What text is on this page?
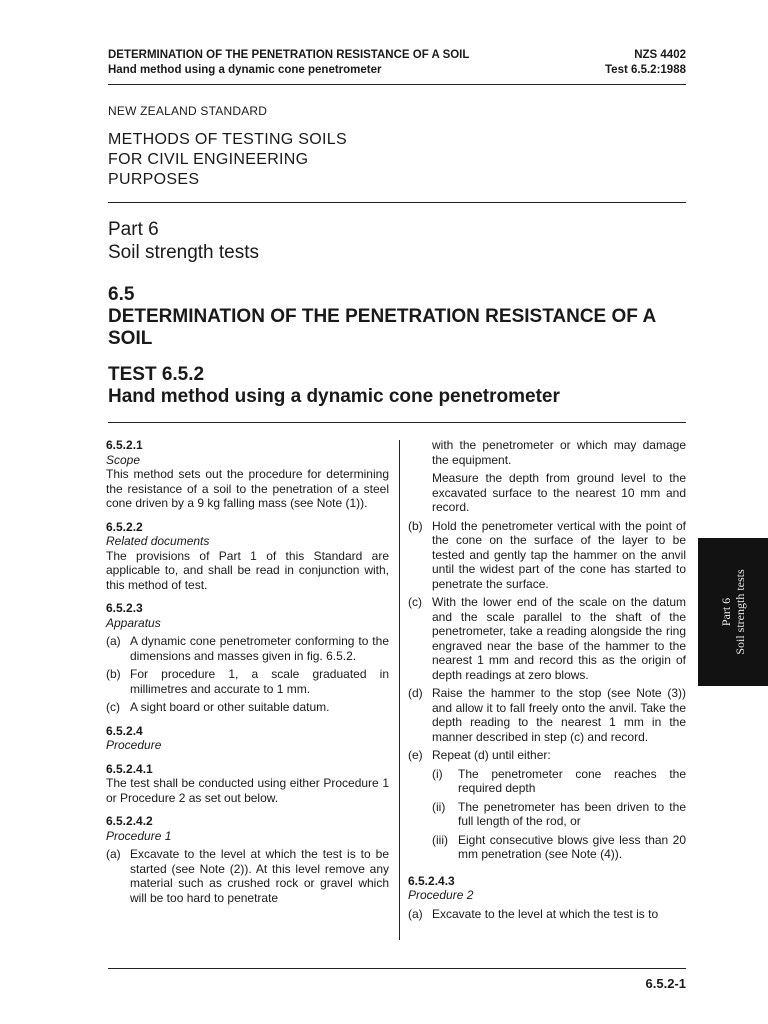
DETERMINATION OF THE PENETRATION RESISTANCE OF A SOIL
Hand method using a dynamic cone penetrometer
NZS 4402
Test 6.5.2:1988
NEW ZEALAND STANDARD
METHODS OF TESTING SOILS
FOR CIVIL ENGINEERING
PURPOSES
Part 6
Soil strength tests
6.5
DETERMINATION OF THE PENETRATION RESISTANCE OF A SOIL
TEST 6.5.2
Hand method using a dynamic cone penetrometer
6.5.2.1
Scope
This method sets out the procedure for determining the resistance of a soil to the penetration of a steel cone driven by a 9 kg falling mass (see Note (1)).
6.5.2.2
Related documents
The provisions of Part 1 of this Standard are applicable to, and shall be read in conjunction with, this method of test.
6.5.2.3
Apparatus
(a) A dynamic cone penetrometer conforming to the dimensions and masses given in fig. 6.5.2.
(b) For procedure 1, a scale graduated in millimetres and accurate to 1 mm.
(c) A sight board or other suitable datum.
6.5.2.4
Procedure
6.5.2.4.1
The test shall be conducted using either Procedure 1 or Procedure 2 as set out below.
6.5.2.4.2
Procedure 1
(a) Excavate to the level at which the test is to be started (see Note (2)). At this level remove any material such as crushed rock or gravel which will be too hard to penetrate
with the penetrometer or which may damage the equipment.
Measure the depth from ground level to the excavated surface to the nearest 10 mm and record.
(b) Hold the penetrometer vertical with the point of the cone on the surface of the layer to be tested and gently tap the hammer on the anvil until the widest part of the cone has started to penetrate the surface.
(c) With the lower end of the scale on the datum and the scale parallel to the shaft of the penetrometer, take a reading alongside the ring engraved near the base of the hammer to the nearest 1 mm and record this as the origin of depth readings at zero blows.
(d) Raise the hammer to the stop (see Note (3)) and allow it to fall freely onto the anvil. Take the depth reading to the nearest 1 mm in the manner described in step (c) and record.
(e) Repeat (d) until either:
(i)	The penetrometer cone reaches the required depth
(ii)	The penetrometer has been driven to the full length of the rod, or
(iii) Eight consecutive blows give less than 20 mm penetration (see Note (4)).
6.5.2.4.3
Procedure 2
(a) Excavate to the level at which the test is to
Part 6 Soil strength tests
6.5.2-1
